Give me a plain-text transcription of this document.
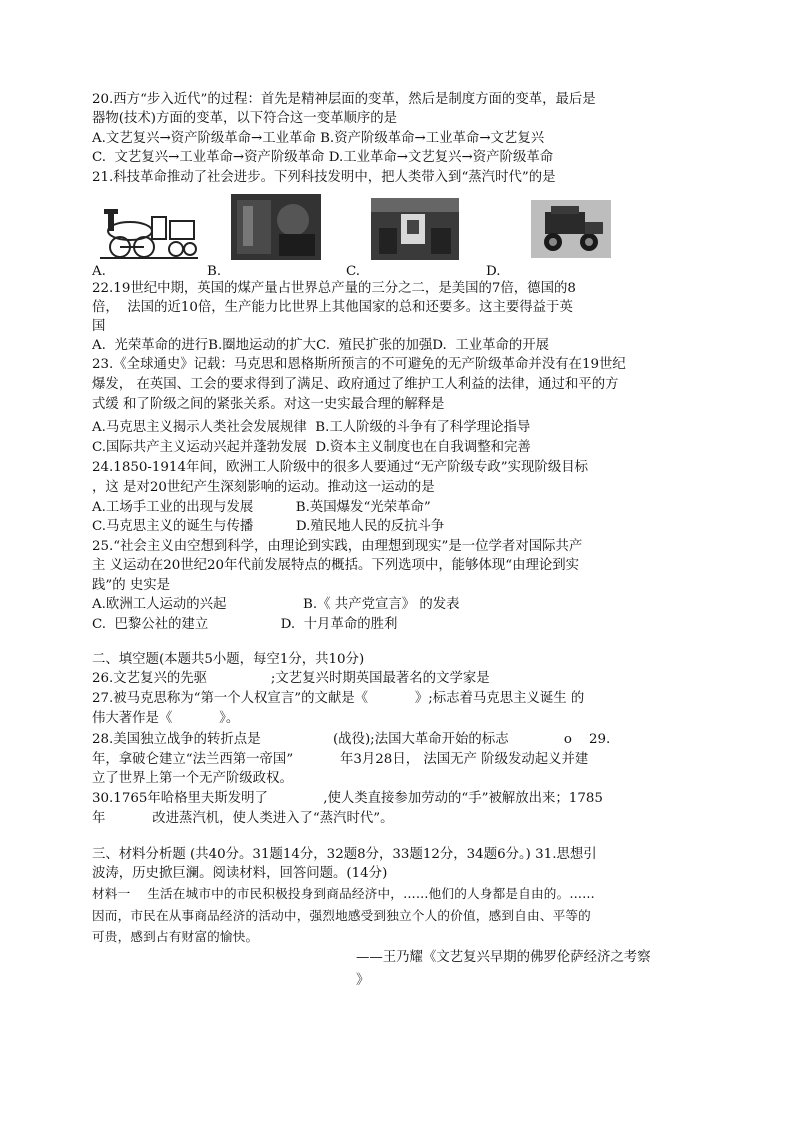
20.西方“步入近代”的过程：首先是精神层面的变革，然后是制度方面的变革，最后是
器物(技术)方面的变革，以下符合这一变革顺序的是
A.文艺复兴→资产阶级革命→工业革命 B.资产阶级革命→工业革命→文艺复兴
C.  文艺复兴→工业革命→资产阶级革命 D.工业革命→文艺复兴→资产阶级革命
21.科技革命推动了社会进步。下列科技发明中，把人类带入到“蒸汽时代”的是
A.	B.	C.	D.
22.19世纪中期，英国的煤产量占世界总产量的三分之二，是美国的7倍，德国的8
倍，  法国的近10倍，生产能力比世界上其他国家的总和还要多。这主要得益于英
国
A.  光荣革命的进行B.圈地运动的扩大C.  殖民扩张的加强D.  工业革命的开展
23.《全球通史》记载：马克思和恩格斯所预言的不可避免的无产阶级革命并没有在19世纪
爆发， 在英国、工会的要求得到了满足、政府通过了维护工人利益的法律，通过和平的方
式缓 和了阶级之间的紧张关系。对这一史实最合理的解释是
A.马克思主义揭示人类社会发展规律  B.工人阶级的斗争有了科学理论指导
C.国际共产主义运动兴起并蓬勃发展  D.资本主义制度也在自我调整和完善
24.1850-1914年间，欧洲工人阶级中的很多人要通过“无产阶级专政”实现阶级目标
，这 是对20世纪产生深刻影响的运动。推动这一运动的是
A.工场手工业的出现与发展          B.英国爆发“光荣革命”
C.马克思主义的诞生与传播          D.殖民地人民的反抗斗争
25.“社会主义由空想到科学，由理论到实践，由理想到现实”是一位学者对国际共产
主 义运动在20世纪20年代前发展特点的概括。下列选项中，能够体现“由理论到实
践”的 史实是
A.欧洲工人运动的兴起                  B.《 共产党宣言》 的发表
C.  巴黎公社的建立                 D.  十月革命的胜利
二、填空题(本题共5小题，每空1分，共10分)
26.文艺复兴的先驱               ;文艺复兴时期英国最著名的文学家是
27.被马克思称为“第一个人权宣言”的文献是《           》;标志着马克思主义诞生 的
伟大著作是《           》。
28.美国独立战争的转折点是                 (战役);法国大革命开始的标志             o    29.
年，拿破仑建立“法兰西第一帝国”           年3月28日， 法国无产 阶级发动起义并建
立了世界上第一个无产阶级政权。
30.1765年哈格里夫斯发明了             ,使人类直接参加劳动的“手”被解放出来；1785
年           改进蒸汽机，使人类进入了“蒸汽时代”。
三、材料分析题 (共40分。31题14分，32题8分，33题12分，34题6分。) 31.思想引
波涛，历史掀巨澜。阅读材料，回答问题。(14分)
材料一    生活在城市中的市民积极投身到商品经济中，……他们的人身都是自由的。……
因而，市民在从事商品经济的活动中，强烈地感受到独立个人的价值，感到自由、平等的
可贵，感到占有财富的愉快。
——王乃耀《文艺复兴早期的佛罗伦萨经济之考察
》
